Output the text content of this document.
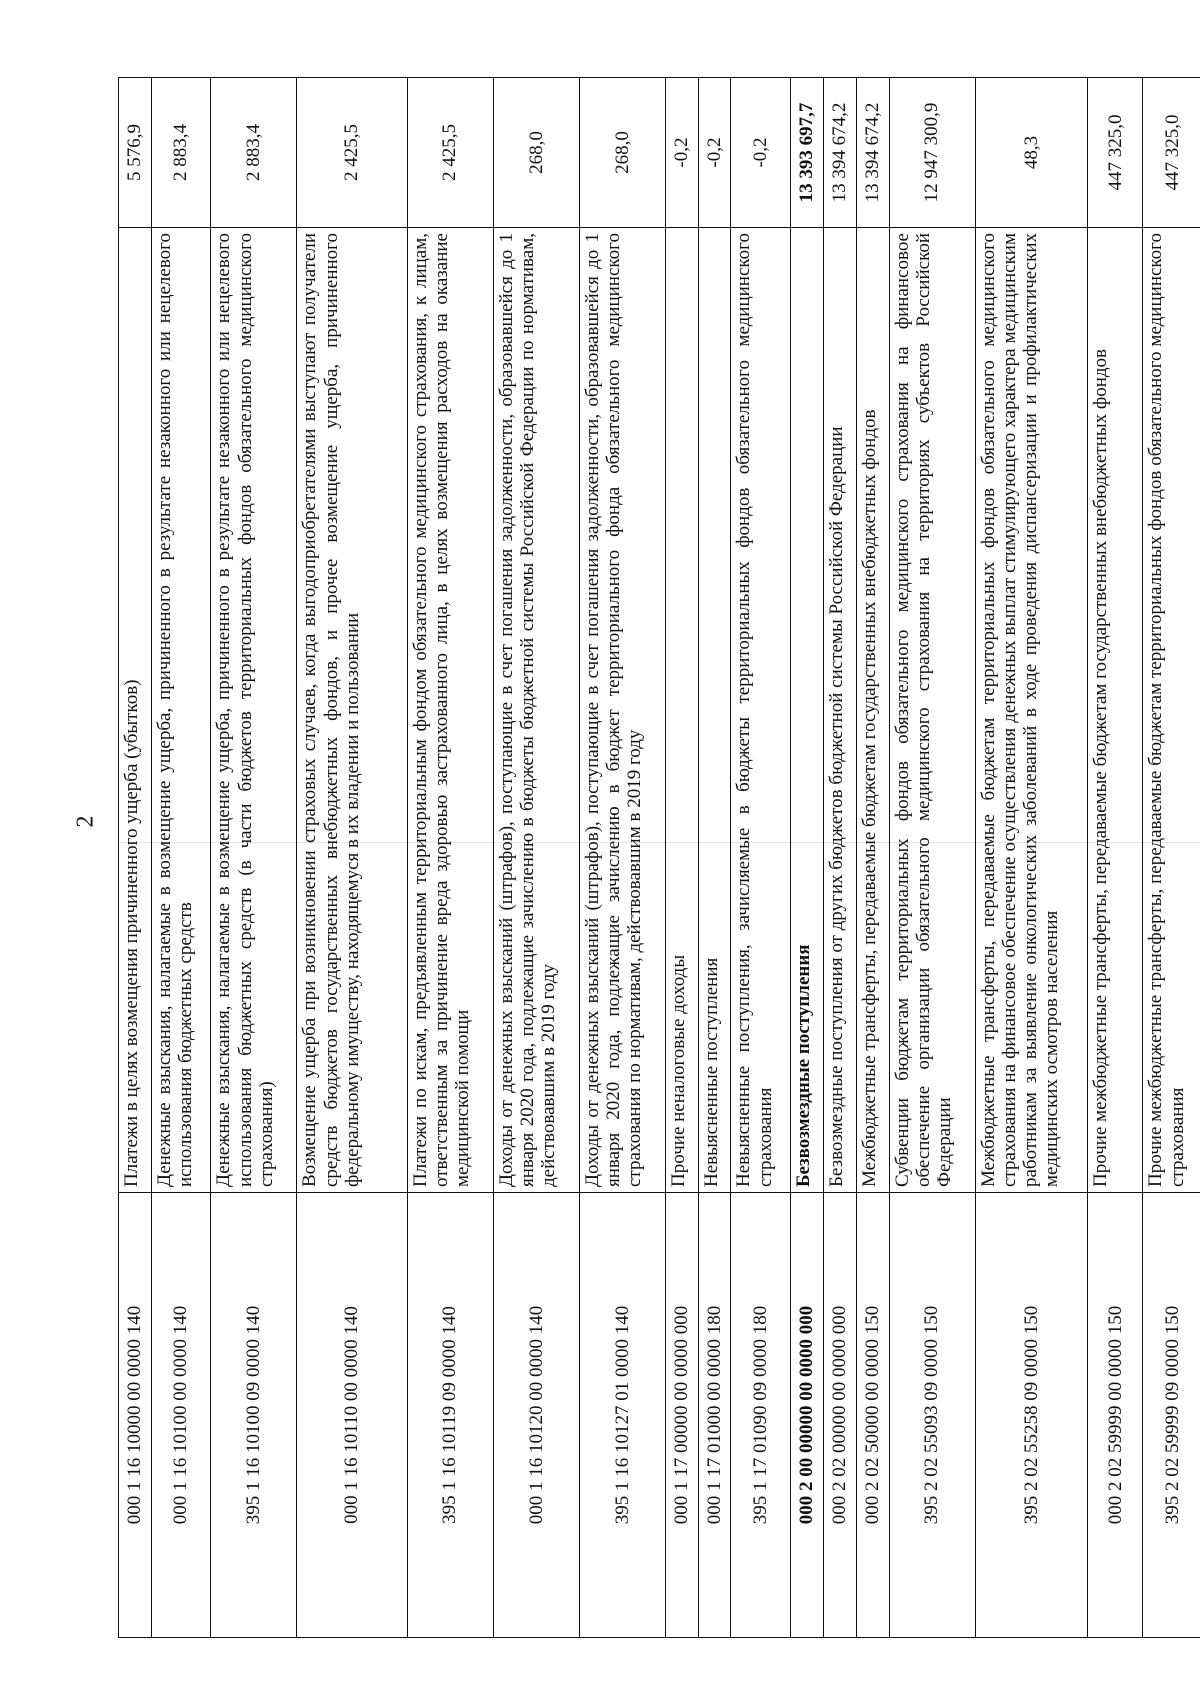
2
000 1 16 10000 00 0000 140	Платежи в целях возмещения причиненного ущерба (убытков)	5 576,9
000 1 16 10100 00 0000 140	Денежные взыскания, налагаемые в возмещение ущерба, причиненного в результате незаконного или нецелевого использования бюджетных средств	2 883,4
395 1 16 10100 09 0000 140	Денежные взыскания, налагаемые в возмещение ущерба, причиненного в результате незаконного или нецелевого использования бюджетных средств (в части бюджетов территориальных фондов обязательного медицинского страхования)	2 883,4
000 1 16 10110 00 0000 140	Возмещение ущерба при возникновении страховых случаев, когда выгодоприобретателями выступают получатели средств бюджетов государственных внебюджетных фондов, и прочее возмещение ущерба, причиненного федеральному имуществу, находящемуся в их владении и пользовании	2 425,5
395 1 16 10119 09 0000 140	Платежи по искам, предъявленным территориальным фондом обязательного медицинского страхования, к лицам, ответственным за причинение вреда здоровью застрахованного лица, в целях возмещения расходов на оказание медицинской помощи	2 425,5
000 1 16 10120 00 0000 140	Доходы от денежных взысканий (штрафов), поступающие в счет погашения задолженности, образовавшейся до 1 января 2020 года, подлежащие зачислению в бюджеты бюджетной системы Российской Федерации по нормативам, действовавшим в 2019 году	268,0
395 1 16 10127 01 0000 140	Доходы от денежных взысканий (штрафов), поступающие в счет погашения задолженности, образовавшейся до 1 января 2020 года, подлежащие зачислению в бюджет территориального фонда обязательного медицинского страхования по нормативам, действовавшим в 2019 году	268,0
000 1 17 00000 00 0000 000	Прочие неналоговые доходы	-0,2
000 1 17 01000 00 0000 180	Невыясненные поступления	-0,2
395 1 17 01090 09 0000 180	Невыясненные поступления, зачисляемые в бюджеты территориальных фондов обязательного медицинского страхования	-0,2
000 2 00 00000 00 0000 000	Безвозмездные поступления	13 393 697,7
000 2 02 00000 00 0000 000	Безвозмездные поступления от других бюджетов бюджетной системы Российской Федерации	13 394 674,2
000 2 02 50000 00 0000 150	Межбюджетные трансферты, передаваемые бюджетам государственных внебюджетных фондов	13 394 674,2
395 2 02 55093 09 0000 150	Субвенции бюджетам территориальных фондов обязательного медицинского страхования на финансовое обеспечение организации обязательного медицинского страхования на территориях субъектов Российской Федерации	12 947 300,9
395 2 02 55258 09 0000 150	Межбюджетные трансферты, передаваемые бюджетам территориальных фондов обязательного медицинского страхования на финансовое обеспечение осуществления денежных выплат стимулирующего характера медицинским работникам за выявление онкологических заболеваний в ходе проведения диспансеризации и профилактических медицинских осмотров населения	48,3
000 2 02 59999 00 0000 150	Прочие межбюджетные трансферты, передаваемые бюджетам государственных внебюджетных фондов	447 325,0
395 2 02 59999 09 0000 150	Прочие межбюджетные трансферты, передаваемые бюджетам территориальных фондов обязательного медицинского страхования	447 325,0
